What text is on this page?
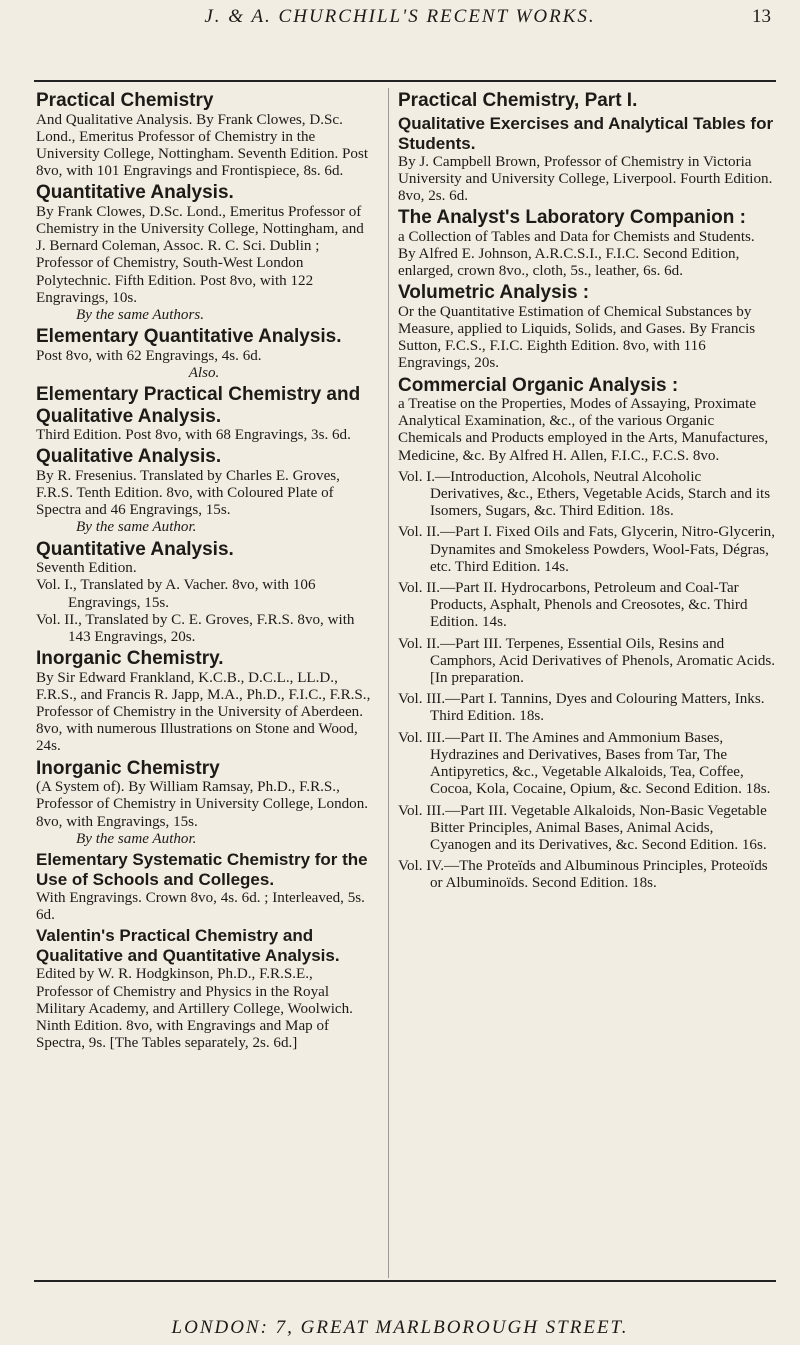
J. & A. CHURCHILL'S RECENT WORKS.	13
Practical Chemistry

And Qualitative Analysis. By Frank Clowes, D.Sc. Lond., Emeritus Professor of Chemistry in the University College, Nottingham. Seventh Edition. Post 8vo, with 101 Engravings and Frontispiece, 8s. 6d.

Quantitative Analysis.

By Frank Clowes, D.Sc. Lond., Emeritus Professor of Chemistry in the University College, Nottingham, and J. Bernard Coleman, Assoc. R. C. Sci. Dublin ; Professor of Chemistry, South-West London Polytechnic. Fifth Edition. Post 8vo, with 122 Engravings, 10s.

By the same Authors.

Elementary Quantitative Analysis.

Post 8vo, with 62 Engravings, 4s. 6d.

Also.

Elementary Practical Chemistry and Qualitative Analysis.

Third Edition. Post 8vo, with 68 Engravings, 3s. 6d.

Qualitative Analysis.

By R. Fresenius. Translated by Charles E. Groves, F.R.S. Tenth Edition. 8vo, with Coloured Plate of Spectra and 46 Engravings, 15s.

By the same Author.

Quantitative Analysis.

Seventh Edition.

Vol. I., Translated by A. Vacher. 8vo, with 106 Engravings, 15s.

Vol. II., Translated by C. E. Groves, F.R.S. 8vo, with 143 Engravings, 20s.

Inorganic Chemistry.

By Sir Edward Frankland, K.C.B., D.C.L., LL.D., F.R.S., and Francis R. Japp, M.A., Ph.D., F.I.C., F.R.S., Professor of Chemistry in the University of Aberdeen. 8vo, with numerous Illustrations on Stone and Wood, 24s.

Inorganic Chemistry

(A System of). By William Ramsay, Ph.D., F.R.S., Professor of Chemistry in University College, London. 8vo, with Engravings, 15s.

By the same Author.

Elementary Systematic Chemistry for the Use of Schools and Colleges.

With Engravings. Crown 8vo, 4s. 6d. ; Interleaved, 5s. 6d.

Valentin's Practical Chemistry and Qualitative and Quantitative Analysis.

Edited by W. R. Hodgkinson, Ph.D., F.R.S.E., Professor of Chemistry and Physics in the Royal Military Academy, and Artillery College, Woolwich. Ninth Edition. 8vo, with Engravings and Map of Spectra, 9s. [The Tables separately, 2s. 6d.]

Practical Chemistry, Part I.
Qualitative Exercises and Analytical Tables for Students.

By J. Campbell Brown, Professor of Chemistry in Victoria University and University College, Liverpool. Fourth Edition. 8vo, 2s. 6d.

The Analyst's Laboratory Companion :

a Collection of Tables and Data for Chemists and Students. By Alfred E. Johnson, A.R.C.S.I., F.I.C. Second Edition, enlarged, crown 8vo., cloth, 5s., leather, 6s. 6d.

Volumetric Analysis :

Or the Quantitative Estimation of Chemical Substances by Measure, applied to Liquids, Solids, and Gases. By Francis Sutton, F.C.S., F.I.C. Eighth Edition. 8vo, with 116 Engravings, 20s.

Commercial Organic Analysis :

a Treatise on the Properties, Modes of Assaying, Proximate Analytical Examination, &c., of the various Organic Chemicals and Products employed in the Arts, Manufactures, Medicine, &c. By Alfred H. Allen, F.I.C., F.C.S. 8vo.

Vol. I.—Introduction, Alcohols, Neutral Alcoholic Derivatives, &c., Ethers, Vegetable Acids, Starch and its Isomers, Sugars, &c. Third Edition. 18s.

Vol. II.—Part I. Fixed Oils and Fats, Glycerin, Nitro-Glycerin, Dynamites and Smokeless Powders, Wool-Fats, Dégras, etc. Third Edition. 14s.

Vol. II.—Part II. Hydrocarbons, Petroleum and Coal-Tar Products, Asphalt, Phenols and Creosotes, &c. Third Edition. 14s.

Vol. II.—Part III. Terpenes, Essential Oils, Resins and Camphors, Acid Derivatives of Phenols, Aromatic Acids. [In preparation.

Vol. III.—Part I. Tannins, Dyes and Colouring Matters, Inks. Third Edition. 18s.

Vol. III.—Part II. The Amines and Ammonium Bases, Hydrazines and Derivatives, Bases from Tar, The Antipyretics, &c., Vegetable Alkaloids, Tea, Coffee, Cocoa, Kola, Cocaine, Opium, &c. Second Edition. 18s.

Vol. III.—Part III. Vegetable Alkaloids, Non-Basic Vegetable Bitter Principles, Animal Bases, Animal Acids, Cyanogen and its Derivatives, &c. Second Edition. 16s.

Vol. IV.—The Proteïds and Albuminous Principles, Proteoïds or Albuminoïds. Second Edition. 18s.

LONDON: 7, GREAT MARLBOROUGH STREET.
